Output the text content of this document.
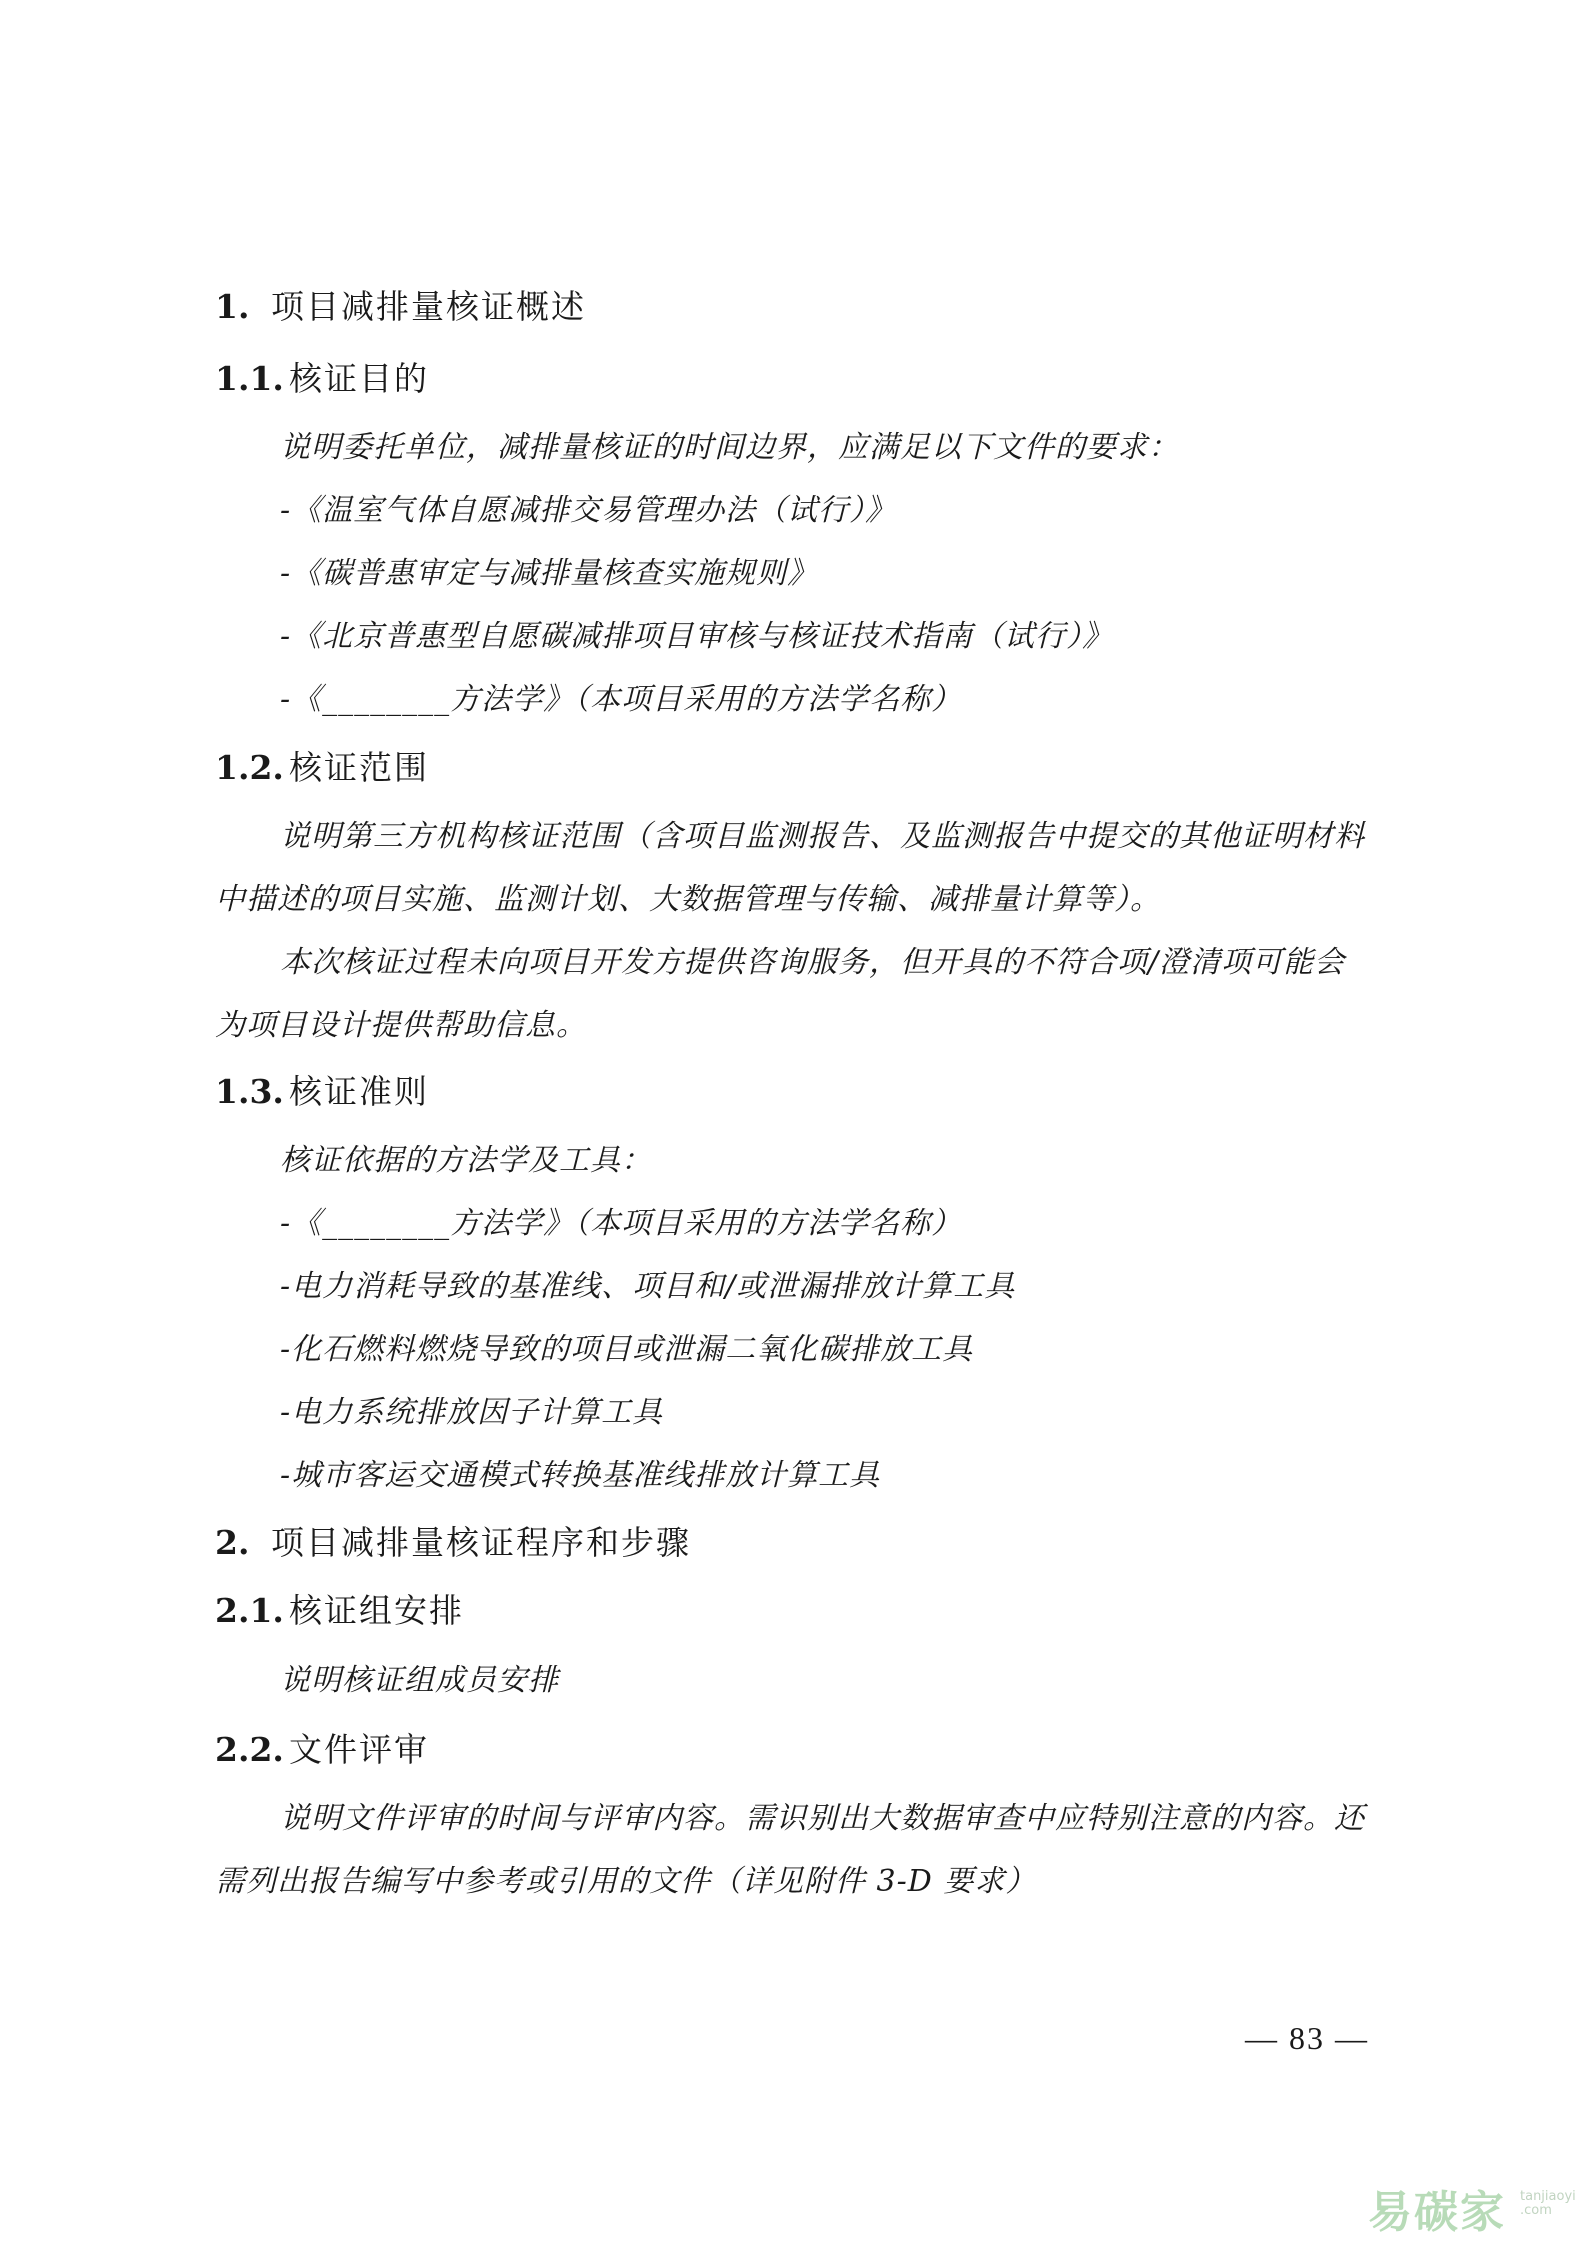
1. 项目减排量核证概述
1.1. 核证目的
说明委托单位，减排量核证的时间边界，应满足以下文件的要求：
-《温室气体自愿减排交易管理办法（试行）》
-《碳普惠审定与减排量核查实施规则》
-《北京普惠型自愿碳减排项目审核与核证技术指南（试行）》
-《________方法学》（本项目采用的方法学名称）
1.2. 核证范围
说明第三方机构核证范围（含项目监测报告、及监测报告中提交的其他证明材料
中描述的项目实施、监测计划、大数据管理与传输、减排量计算等）。
本次核证过程未向项目开发方提供咨询服务，但开具的不符合项/澄清项可能会
为项目设计提供帮助信息。
1.3. 核证准则
核证依据的方法学及工具：
-《________方法学》（本项目采用的方法学名称）
-电力消耗导致的基准线、项目和/或泄漏排放计算工具
-化石燃料燃烧导致的项目或泄漏二氧化碳排放工具
-电力系统排放因子计算工具
-城市客运交通模式转换基准线排放计算工具
2. 项目减排量核证程序和步骤
2.1. 核证组安排
说明核证组成员安排
2.2. 文件评审
说明文件评审的时间与评审内容。需识别出大数据审查中应特别注意的内容。还
需列出报告编写中参考或引用的文件（详见附件 3-D 要求）
— 83 —
易碳家 tanjiaoyi
.com
